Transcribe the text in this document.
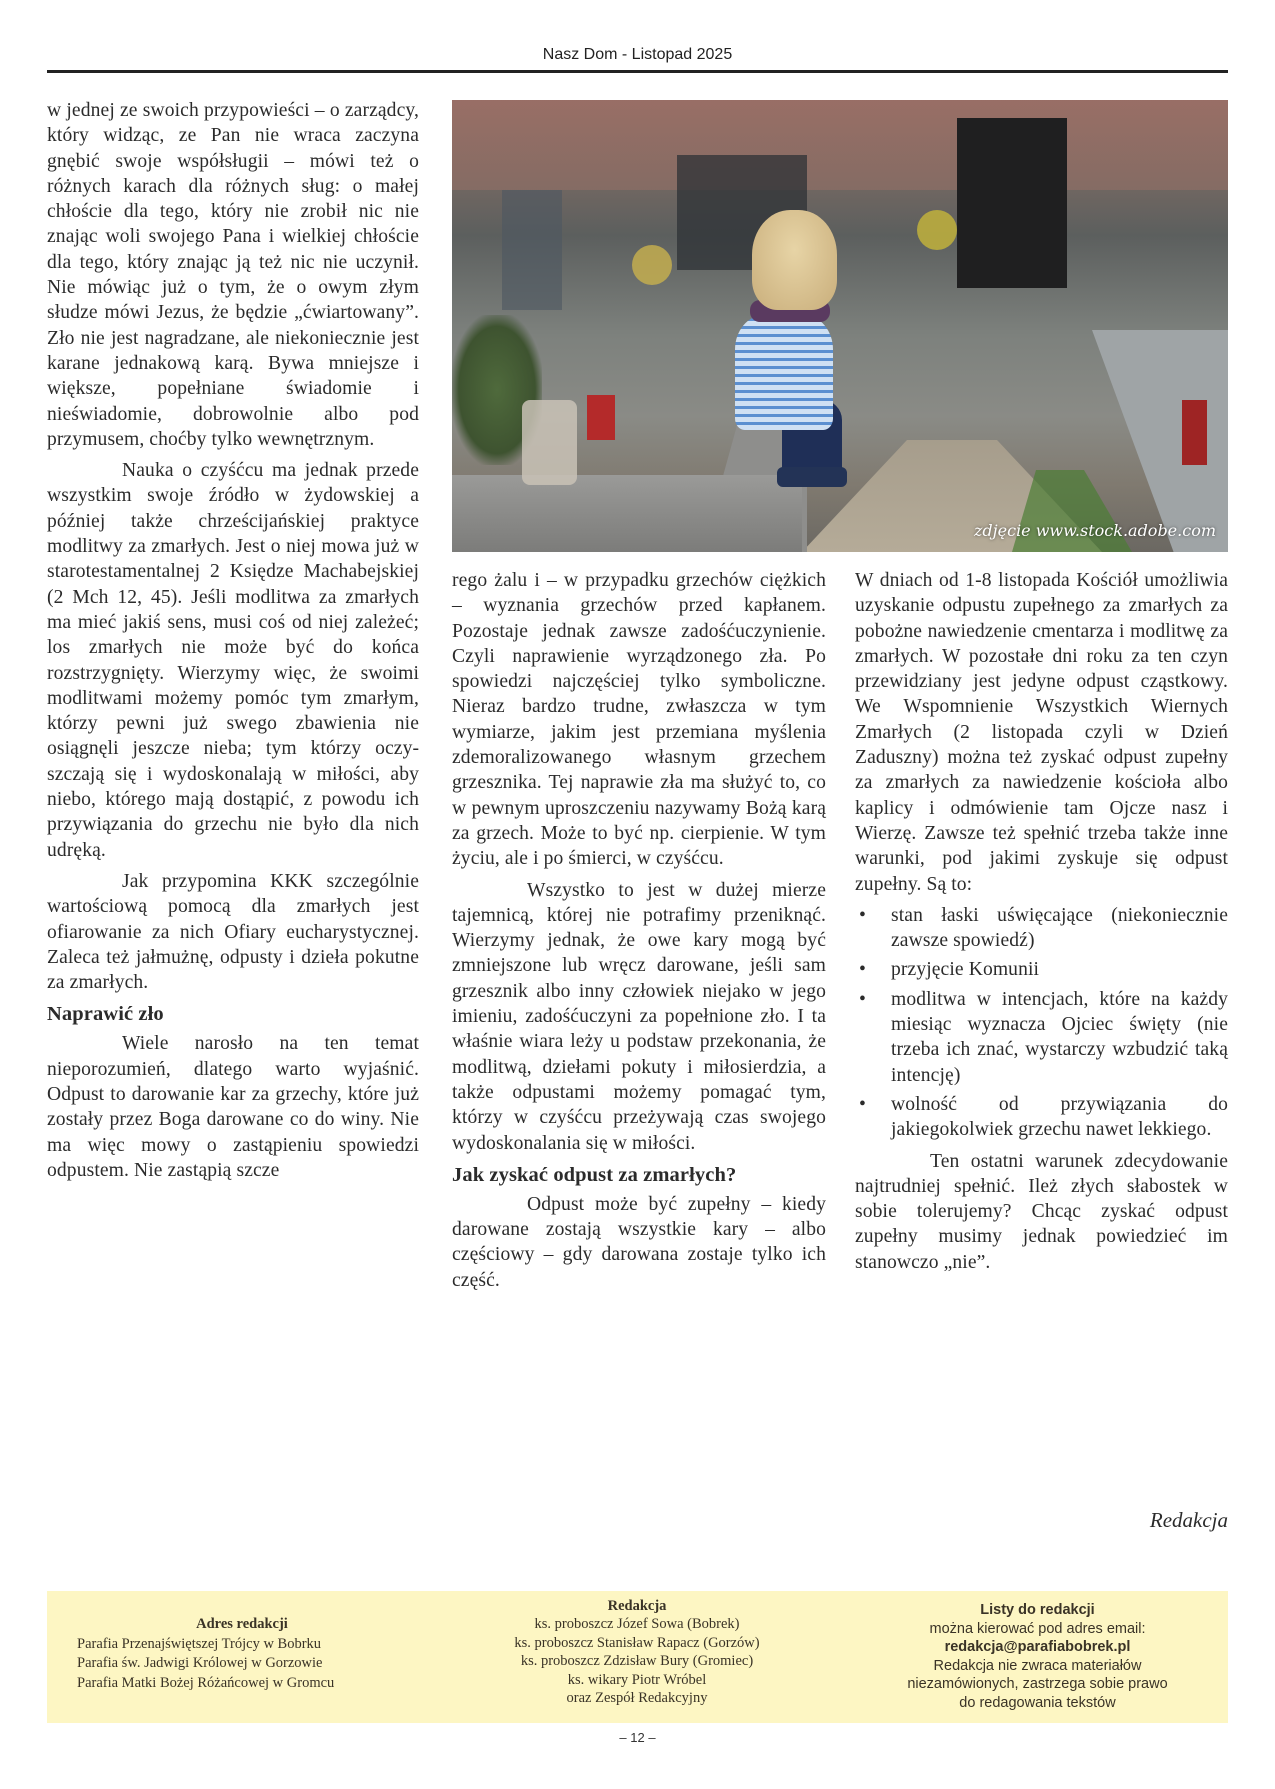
Nasz Dom - Listopad 2025

w jednej ze swoich przypowieści – o zarządcy, który widząc, ze Pan nie wraca zaczyna gnębić swoje współsługii – mówi też o różnych karach dla różnych sług: o małej chłoście dla tego, który nie zrobił nic nie znając woli swojego Pana i wielkiej chłoście dla tego, który znając ją też nic nie uczynił. Nie mówiąc już o tym, że o owym złym słudze mówi Jezus, że będzie „ćwiartowany”. Zło nie jest nagradzane, ale niekoniecznie jest karane jednakową karą. Bywa mniejsze i większe, popełniane świadomie i nieświadomie, dobrowolnie albo pod przymusem, choćby tylko wewnętrznym.

Nauka o czyśćcu ma jednak przede wszystkim swoje źródło w żydowskiej a później także chrześcijańskiej praktyce modlitwy za zmarłych. Jest o niej mowa już w starotestamentalnej 2 Księdze Machabejskiej (2 Mch 12, 45). Jeśli modlitwa za zmarłych ma mieć jakiś sens, musi coś od niej zależeć; los zmarłych nie może być do końca rozstrzygnięty. Wierzymy więc, że swoimi modlitwami możemy pomóc tym zmarłym, którzy pewni już swego zbawienia nie osiągnęli jeszcze nieba; tym którzy oczyszczają się i wydoskonalają w miłości, aby niebo, którego mają dostąpić, z powodu ich przywiązania do grzechu nie było dla nich udręką.

Jak przypomina KKK szczególnie wartościową pomocą dla zmarłych jest ofiarowanie za nich Ofiary eucharystycznej. Zaleca też jałmużnę, odpusty i dzieła pokutne za zmarłych.

Naprawić zło

Wiele narosło na ten temat nieporozumień, dlatego warto wyjaśnić. Odpust to darowanie kar za grzechy, które już zostały przez Boga darowane co do winy. Nie ma więc mowy o zastąpieniu spowiedzi odpustem. Nie zastąpią szcze

zdjęcie www.stock.adobe.com

rego żalu i – w przypadku grzechów ciężkich – wyznania grzechów przed kapłanem. Pozostaje jednak zawsze zadośćuczynienie. Czyli naprawienie wyrządzonego zła. Po spowiedzi najczęściej tylko symboliczne. Nieraz bardzo trudne, zwłaszcza w tym wymiarze, jakim jest przemiana myślenia zdemoralizowanego własnym grzechem grzesznika. Tej naprawie zła ma służyć to, co w pewnym uproszczeniu nazywamy Bożą karą za grzech. Może to być np. cierpienie. W tym życiu, ale i po śmierci, w czyśćcu.

Wszystko to jest w dużej mierze tajemnicą, której nie potrafimy przeniknąć. Wierzymy jednak, że owe kary mogą być zmniejszone lub wręcz darowane, jeśli sam grzesznik albo inny człowiek niejako w jego imieniu, zadośćuczyni za popełnione zło. I ta właśnie wiara leży u podstaw przekonania, że modlitwą, dziełami pokuty i miłosierdzia, a także odpustami możemy pomagać tym, którzy w czyśćcu przeżywają czas swojego wydoskonalania się w miłości.

Jak zyskać odpust za zmarłych?

Odpust może być zupełny – kiedy darowane zostają wszystkie kary – albo częściowy – gdy darowana zostaje tylko ich część.

W dniach od 1-8 listopada Kościół umożliwia uzyskanie odpustu zupełnego za zmarłych za pobożne nawiedzenie cmentarza i modlitwę za zmarłych. W pozostałe dni roku za ten czyn przewidziany jest jedyne odpust cząstkowy. We Wspomnienie Wszystkich Wiernych Zmarłych (2 listopada czyli w Dzień Zaduszny) można też zyskać odpust zupełny za zmarłych za nawiedzenie kościoła albo kaplicy i odmówienie tam Ojcze nasz i Wierzę. Zawsze też spełnić trzeba także inne warunki, pod jakimi zyskuje się odpust zupełny. Są to:

• stan łaski uświęcające (niekoniecznie zawsze spowiedź)
• przyjęcie Komunii
• modlitwa w intencjach, które na każdy miesiąc wyznacza Ojciec święty (nie trzeba ich znać, wystarczy wzbudzić taką intencję)
• wolność od przywiązania do jakiegokolwiek grzechu nawet lekkiego.

Ten ostatni warunek zdecydowanie najtrudniej spełnić. Ileż złych słabostek w sobie tolerujemy? Chcąc zyskać odpust zupełny musimy jednak powiedzieć im stanowczo „nie”.

Redakcja
Adres redakcji
Parafia Przenajświętszej Trójcy w Bobrku
Parafia św. Jadwigi Królowej w Gorzowie
Parafia Matki Bożej Różańcowej w Gromcu
Redakcja
ks. proboszcz Józef Sowa (Bobrek)
ks. proboszcz Stanisław Rapacz (Gorzów)
ks. proboszcz Zdzisław Bury (Gromiec)
ks. wikary Piotr Wróbel
oraz Zespół Redakcyjny
Listy do redakcji
można kierować pod adres email:
redakcja@parafiabobrek.pl
Redakcja nie zwraca materiałów
niezamówionych, zastrzega sobie prawo
do redagowania tekstów
– 12 –
